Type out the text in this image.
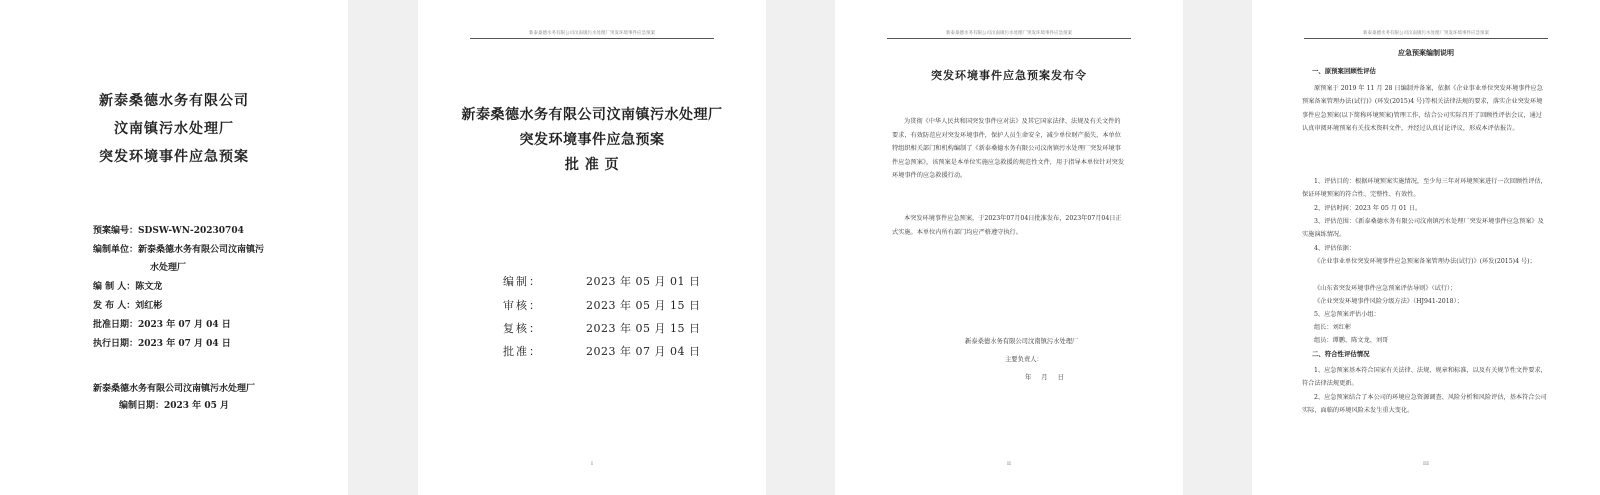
新泰桑德水务有限公司
汶南镇污水处理厂
突发环境事件应急预案
预案编号：SDSW-WN-20230704
编制单位：新泰桑德水务有限公司汶南镇污
水处理厂
编 制 人：陈文龙
发 布 人：刘红彬
批准日期：2023 年 07 月 04 日
执行日期：2023 年 07 月 04 日
新泰桑德水务有限公司汶南镇污水处理厂
编制日期：2023 年 05 月
新泰桑德水务有限公司汶南镇污水处理厂突发环境事件应急预案
新泰桑德水务有限公司汶南镇污水处理厂
突发环境事件应急预案
批 准 页
编制：	2023 年 05 月 01 日
审核：	2023 年 05 月 15 日
复核：	2023 年 05 月 15 日
批准：	2023 年 07 月 04 日
I
新泰桑德水务有限公司汶南镇污水处理厂突发环境事件应急预案
突发环境事件应急预案发布令
为贯彻《中华人民共和国突发事件应对法》及其它国家法律、法规及有关文件的要求，有效防范应对突发环境事件，保护人员生命安全，减少单位财产损失，本单位特组织相关部门和机构编制了《新泰桑德水务有限公司汶南镇污水处理厂突发环境事件应急预案》，该预案是本单位实施应急救援的规范性文件，用于指导本单位针对突发环境事件的应急救援行动。
本突发环境事件应急预案，于2023年07月04日批准发布，2023年07月04日正式实施。本单位内所有部门均应严格遵守执行。
新泰桑德水务有限公司汶南镇污水处理厂
主要负责人：
年     月     日
II
新泰桑德水务有限公司汶南镇污水处理厂突发环境事件应急预案
应急预案编制说明
一、原预案回顾性评估
原预案于 2019 年 11 月 28 日编制并备案，依据《企业事业单位突发环境事件应急预案备案管理办法(试行)》(环发(2015)4 号)等相关法律法规的要求，落实企业突发环境事件应急预案(以下简称环境预案)管理工作，结合公司实际召开了回顾性评估会议，通过认真审阅环境预案有关技术资料文件，并经过认真讨论评议，形成本评估报告。
1、评估目的：根据环境预案实施情况，至少每三年对环境预案进行一次回顾性评估，保证环境预案的符合性、完整性、有效性。
2、评估时间：2023 年 05 月 01 日。
3、评估范围：《新泰桑德水务有限公司汶南镇污水处理厂突发环境事件应急预案》及实施演练情况。
4、评估依据：
《企业事业单位突发环境事件应急预案备案管理办法(试行)》(环发(2015)4 号)；
《山东省突发环境事件应急预案评估导则》（试行）；
《企业突发环境事件风险分级方法》（HJ941-2018）；
5、应急预案评估小组：
组长：刘红彬
组员：谭鹏、陈文龙、刘哥
二、符合性评估情况
1、应急预案基本符合国家有关法律、法规、规章和标准，以及有关规节性文件要求，符合法律法规更新。
2、应急预案结合了本公司的环境应急资源调查、风险分析和风险评估，基本符合公司实际，面临的环境风险未发生重大变化。
III
